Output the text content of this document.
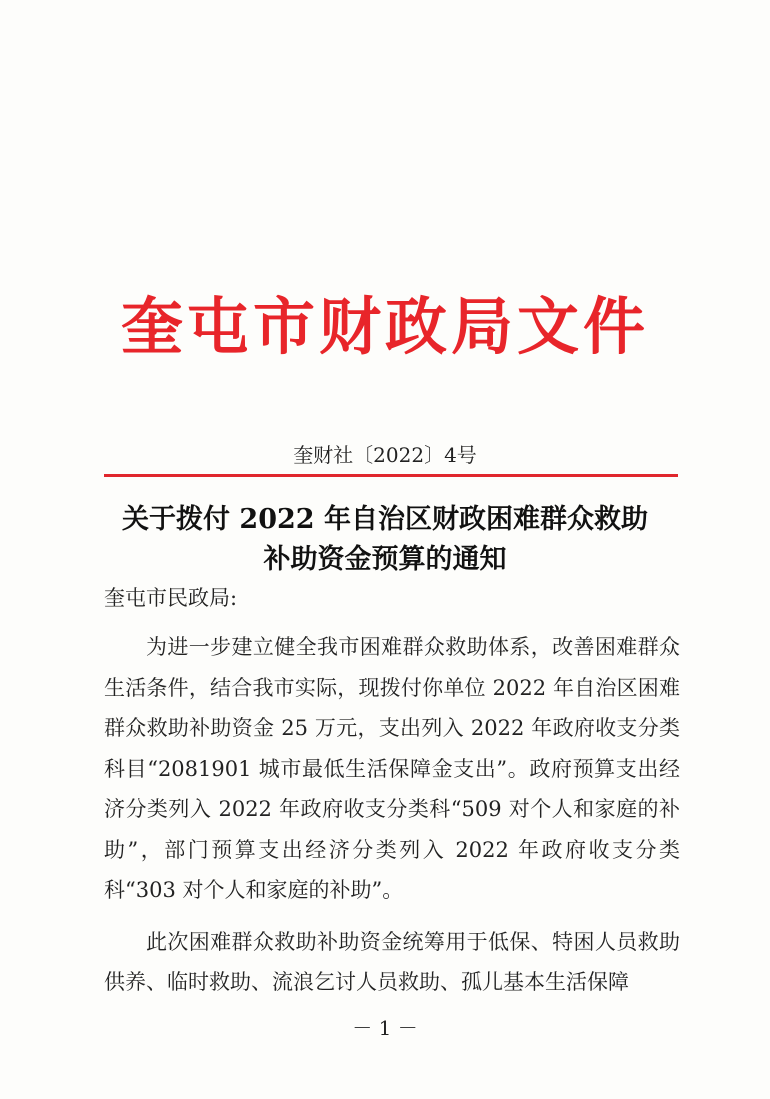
奎屯市财政局文件
奎财社〔2022〕4号
关于拨付 2022 年自治区财政困难群众救助
补助资金预算的通知
奎屯市民政局:

为进一步建立健全我市困难群众救助体系，改善困难群众生活条件，结合我市实际，现拨付你单位 2022 年自治区困难群众救助补助资金 25 万元，支出列入 2022 年政府收支分类科目“2081901 城市最低生活保障金支出”。政府预算支出经济分类列入 2022 年政府收支分类科“509 对个人和家庭的补助”，部门预算支出经济分类列入 2022 年政府收支分类科“303 对个人和家庭的补助”。

此次困难群众救助补助资金统筹用于低保、特困人员救助供养、临时救助、流浪乞讨人员救助、孤儿基本生活保障

－ 1 －
